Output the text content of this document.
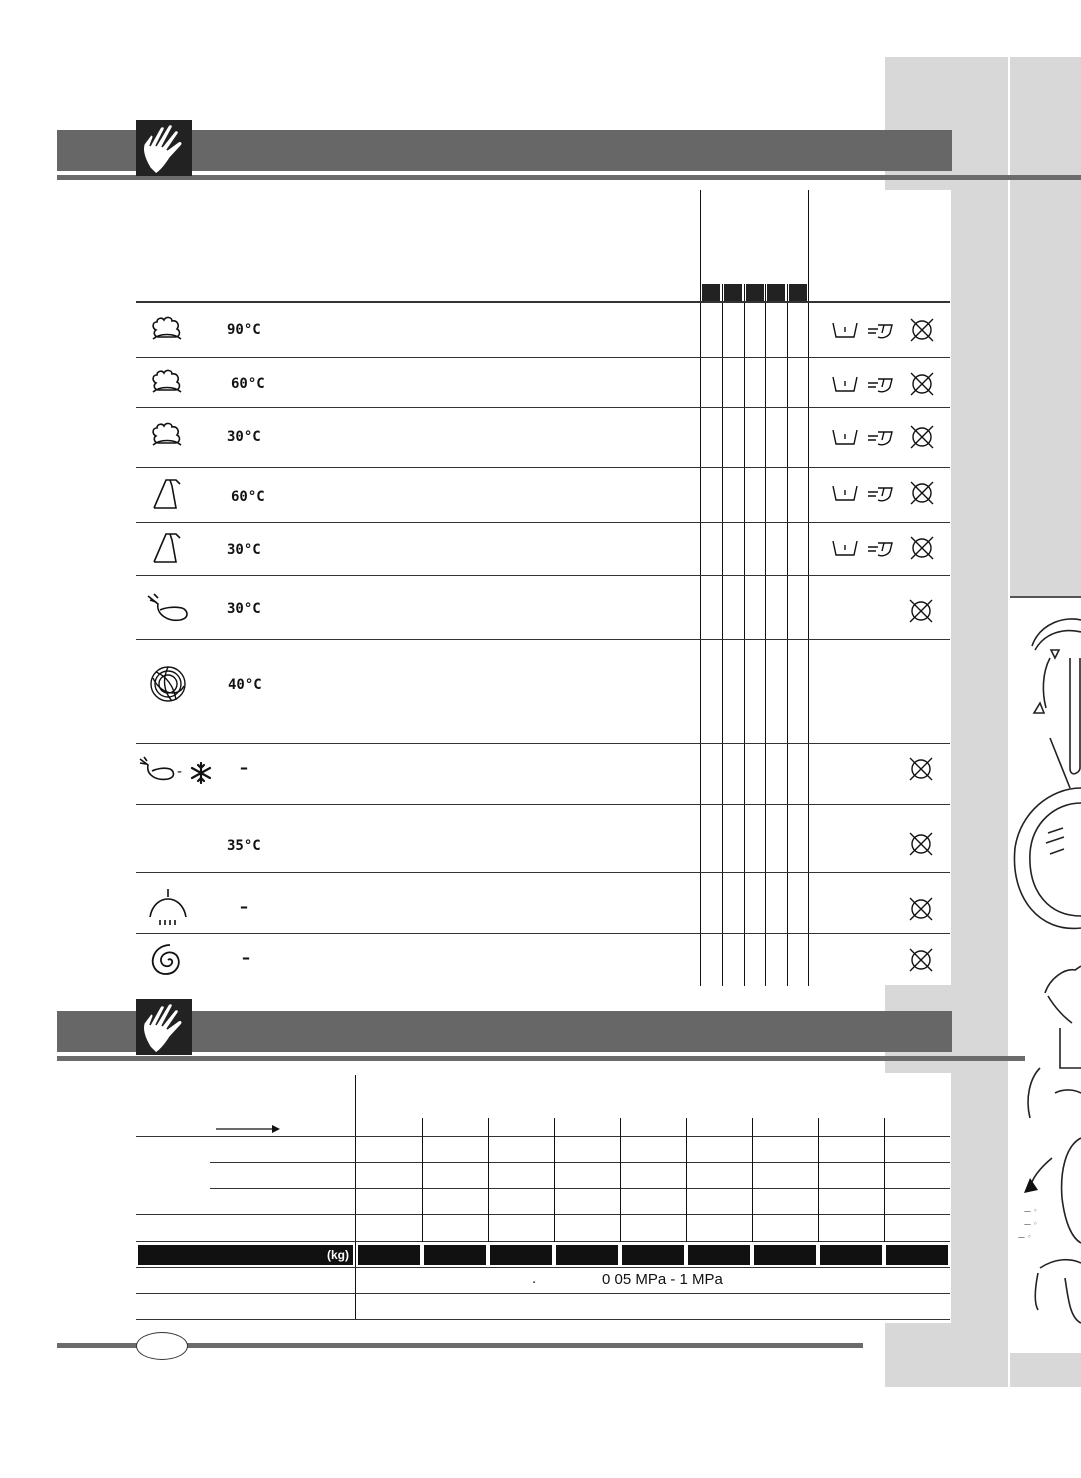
— ◦
— ◦
— ◦
-
90°C
60°C
30°C
60°C
30°C
30°C
40°C
–
35°C
–
–
(kg)
.	0 05 MPa - 1 MPa
